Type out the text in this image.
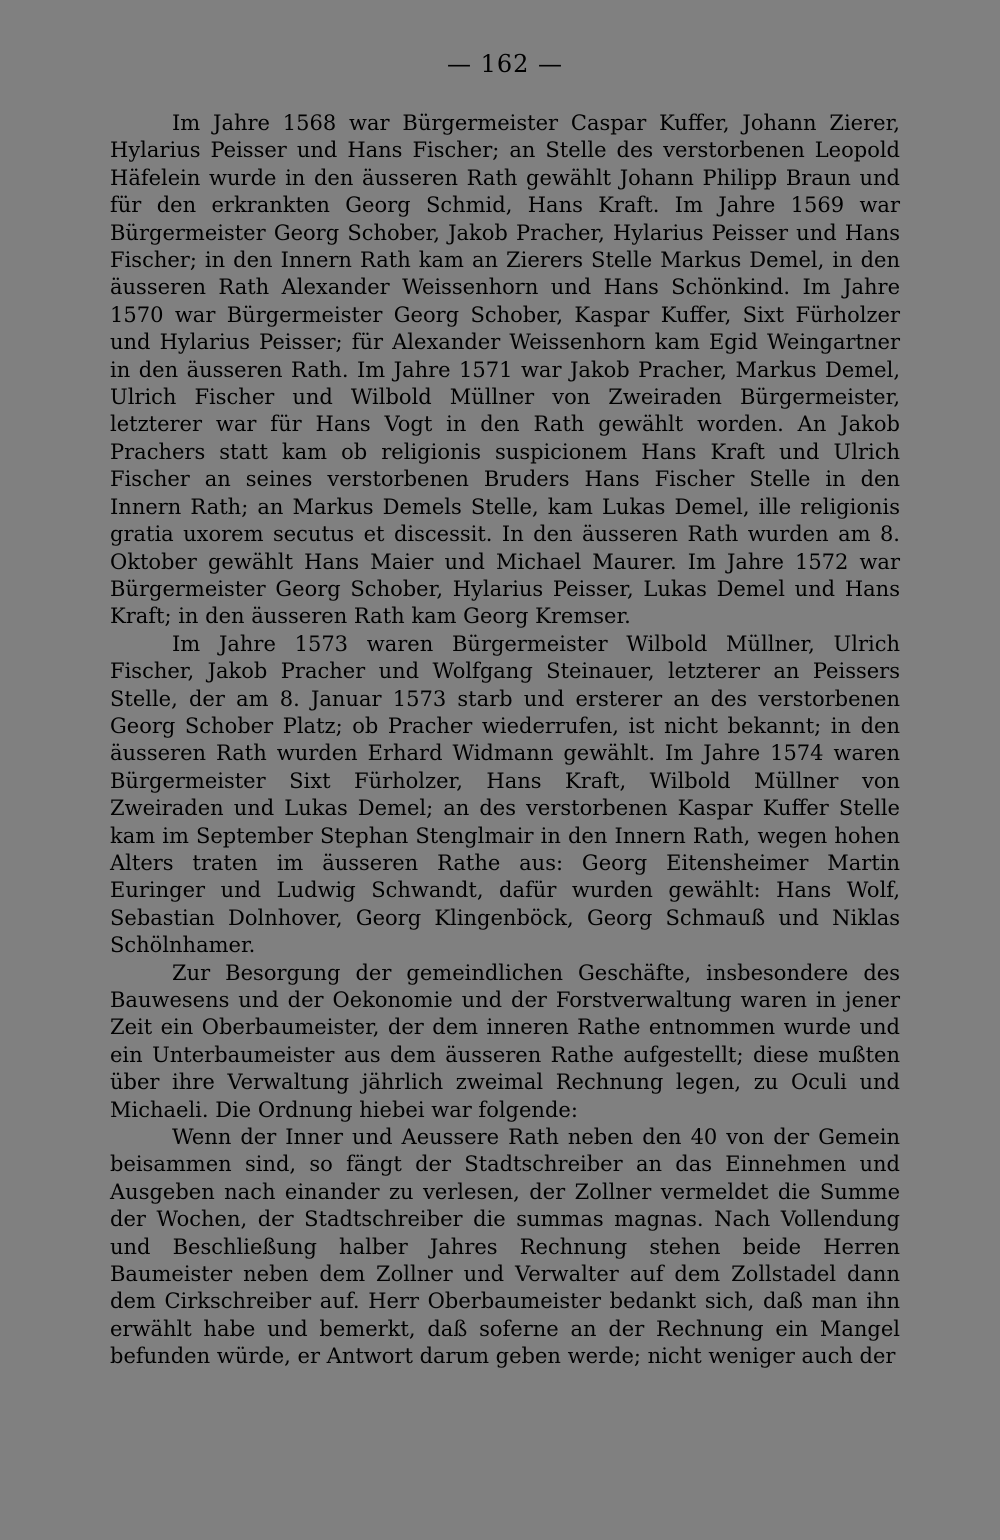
— 162 —

Im Jahre 1568 war Bürgermeister Caspar Kuffer, Johann Zierer, Hylarius Peisser und Hans Fischer; an Stelle des verstorbenen Leopold Häfelein wurde in den äusseren Rath gewählt Johann Philipp Braun und für den erkrankten Georg Schmid, Hans Kraft. Im Jahre 1569 war Bürgermeister Georg Schober, Jakob Pracher, Hylarius Peisser und Hans Fischer; in den Innern Rath kam an Zierers Stelle Markus Demel, in den äusseren Rath Alexander Weissenhorn und Hans Schönkind. Im Jahre 1570 war Bürgermeister Georg Schober, Kaspar Kuffer, Sixt Fürholzer und Hylarius Peisser; für Alexander Weissenhorn kam Egid Weingartner in den äusseren Rath. Im Jahre 1571 war Jakob Pracher, Markus Demel, Ulrich Fischer und Wilbold Müllner von Zweiraden Bürgermeister, letzterer war für Hans Vogt in den Rath gewählt worden. An Jakob Prachers statt kam ob religionis suspicionem Hans Kraft und Ulrich Fischer an seines verstorbenen Bruders Hans Fischer Stelle in den Innern Rath; an Markus Demels Stelle, kam Lukas Demel, ille religionis gratia uxorem secutus et discessit. In den äusseren Rath wurden am 8. Oktober gewählt Hans Maier und Michael Maurer. Im Jahre 1572 war Bürgermeister Georg Schober, Hylarius Peisser, Lukas Demel und Hans Kraft; in den äusseren Rath kam Georg Kremser.

Im Jahre 1573 waren Bürgermeister Wilbold Müllner, Ulrich Fischer, Jakob Pracher und Wolfgang Steinauer, letzterer an Peissers Stelle, der am 8. Januar 1573 starb und ersterer an des verstorbenen Georg Schober Platz; ob Pracher wiederrufen, ist nicht bekannt; in den äusseren Rath wurden Erhard Widmann gewählt. Im Jahre 1574 waren Bürgermeister Sixt Fürholzer, Hans Kraft, Wilbold Müllner von Zweiraden und Lukas Demel; an des verstorbenen Kaspar Kuffer Stelle kam im September Stephan Stenglmair in den Innern Rath, wegen hohen Alters traten im äusseren Rathe aus: Georg Eitensheimer Martin Euringer und Ludwig Schwandt, dafür wurden gewählt: Hans Wolf, Sebastian Dolnhover, Georg Klingenböck, Georg Schmauß und Niklas Schölnhamer.

Zur Besorgung der gemeindlichen Geschäfte, insbesondere des Bauwesens und der Oekonomie und der Forstverwaltung waren in jener Zeit ein Oberbaumeister, der dem inneren Rathe entnommen wurde und ein Unterbaumeister aus dem äusseren Rathe aufgestellt; diese mußten über ihre Verwaltung jährlich zweimal Rechnung legen, zu Oculi und Michaeli. Die Ordnung hiebei war folgende:

Wenn der Inner und Aeussere Rath neben den 40 von der Gemein beisammen sind, so fängt der Stadtschreiber an das Einnehmen und Ausgeben nach einander zu verlesen, der Zollner vermeldet die Summe der Wochen, der Stadtschreiber die summas magnas. Nach Vollendung und Beschließung halber Jahres Rechnung stehen beide Herren Baumeister neben dem Zollner und Verwalter auf dem Zollstadel dann dem Cirkschreiber auf. Herr Oberbaumeister bedankt sich, daß man ihn erwählt habe und bemerkt, daß soferne an der Rechnung ein Mangel befunden würde, er Antwort darum geben werde; nicht weniger auch der
